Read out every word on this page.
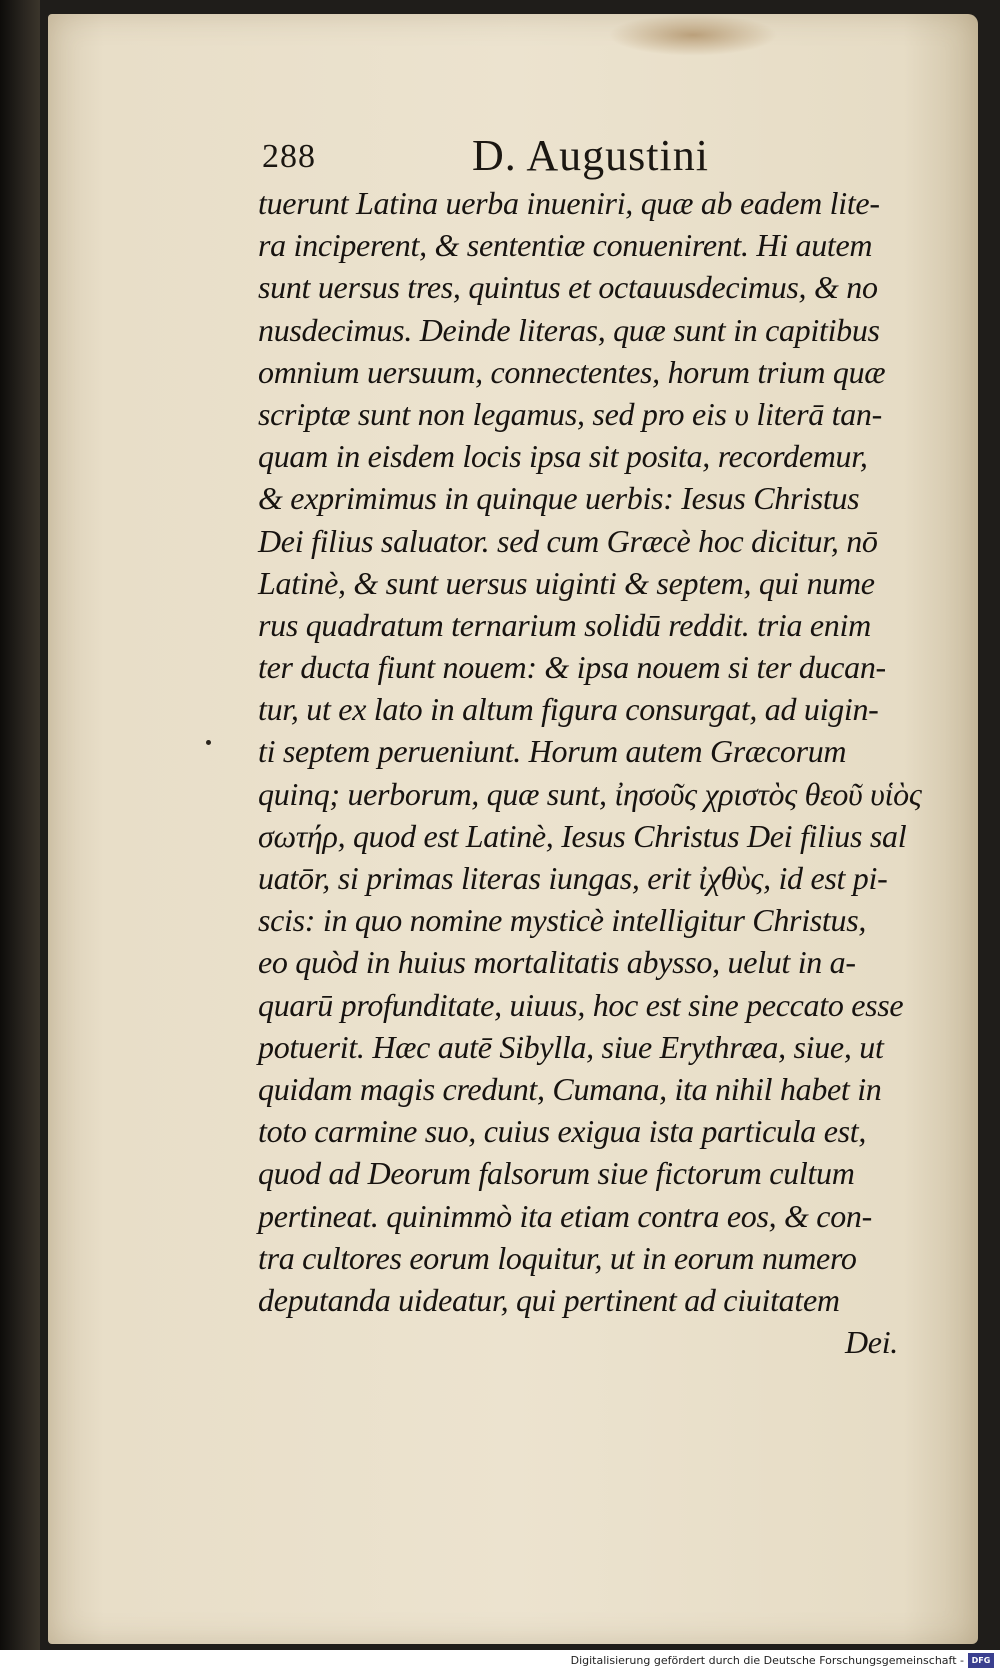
288	D. Augustini
tuerunt Latina uerba inueniri, quæ ab eadem lite-
ra inciperent, & sententiæ conuenirent. Hi autem
sunt uersus tres, quintus et octauusdecimus, & no
nusdecimus. Deinde literas, quæ sunt in capitibus
omnium uersuum, connectentes, horum trium quæ
scriptæ sunt non legamus, sed pro eis υ literā tan-
quam in eisdem locis ipsa sit posita, recordemur,
& exprimimus in quinque uerbis: Iesus Christus
Dei filius saluator. sed cum Græcè hoc dicitur, nō
Latinè, & sunt uersus uiginti & septem, qui nume
rus quadratum ternarium solidū reddit. tria enim
ter ducta fiunt nouem: & ipsa nouem si ter ducan-
tur, ut ex lato in altum figura consurgat, ad uigin-
ti septem perueniunt. Horum autem Græcorum
quinq; uerborum, quæ sunt, ἰησοῦς χριστὸς θεοῦ υἱὸς
σωτήρ, quod est Latinè, Iesus Christus Dei filius sal
uatōr, si primas literas iungas, erit ἰχθὺς, id est pi-
scis: in quo nomine mysticè intelligitur Christus,
eo quòd in huius mortalitatis abysso, uelut in a-
quarū profunditate, uiuus, hoc est sine peccato esse
potuerit. Hæc autē Sibylla, siue Erythræa, siue, ut
quidam magis credunt, Cumana, ita nihil habet in
toto carmine suo, cuius exigua ista particula est,
quod ad Deorum falsorum siue fictorum cultum
pertineat. quinimmò ita etiam contra eos, & con-
tra cultores eorum loquitur, ut in eorum numero
deputanda uideatur, qui pertinent ad ciuitatem
Dei.
Digitalisierung gefördert durch die Deutsche Forschungsgemeinschaft - DFG
